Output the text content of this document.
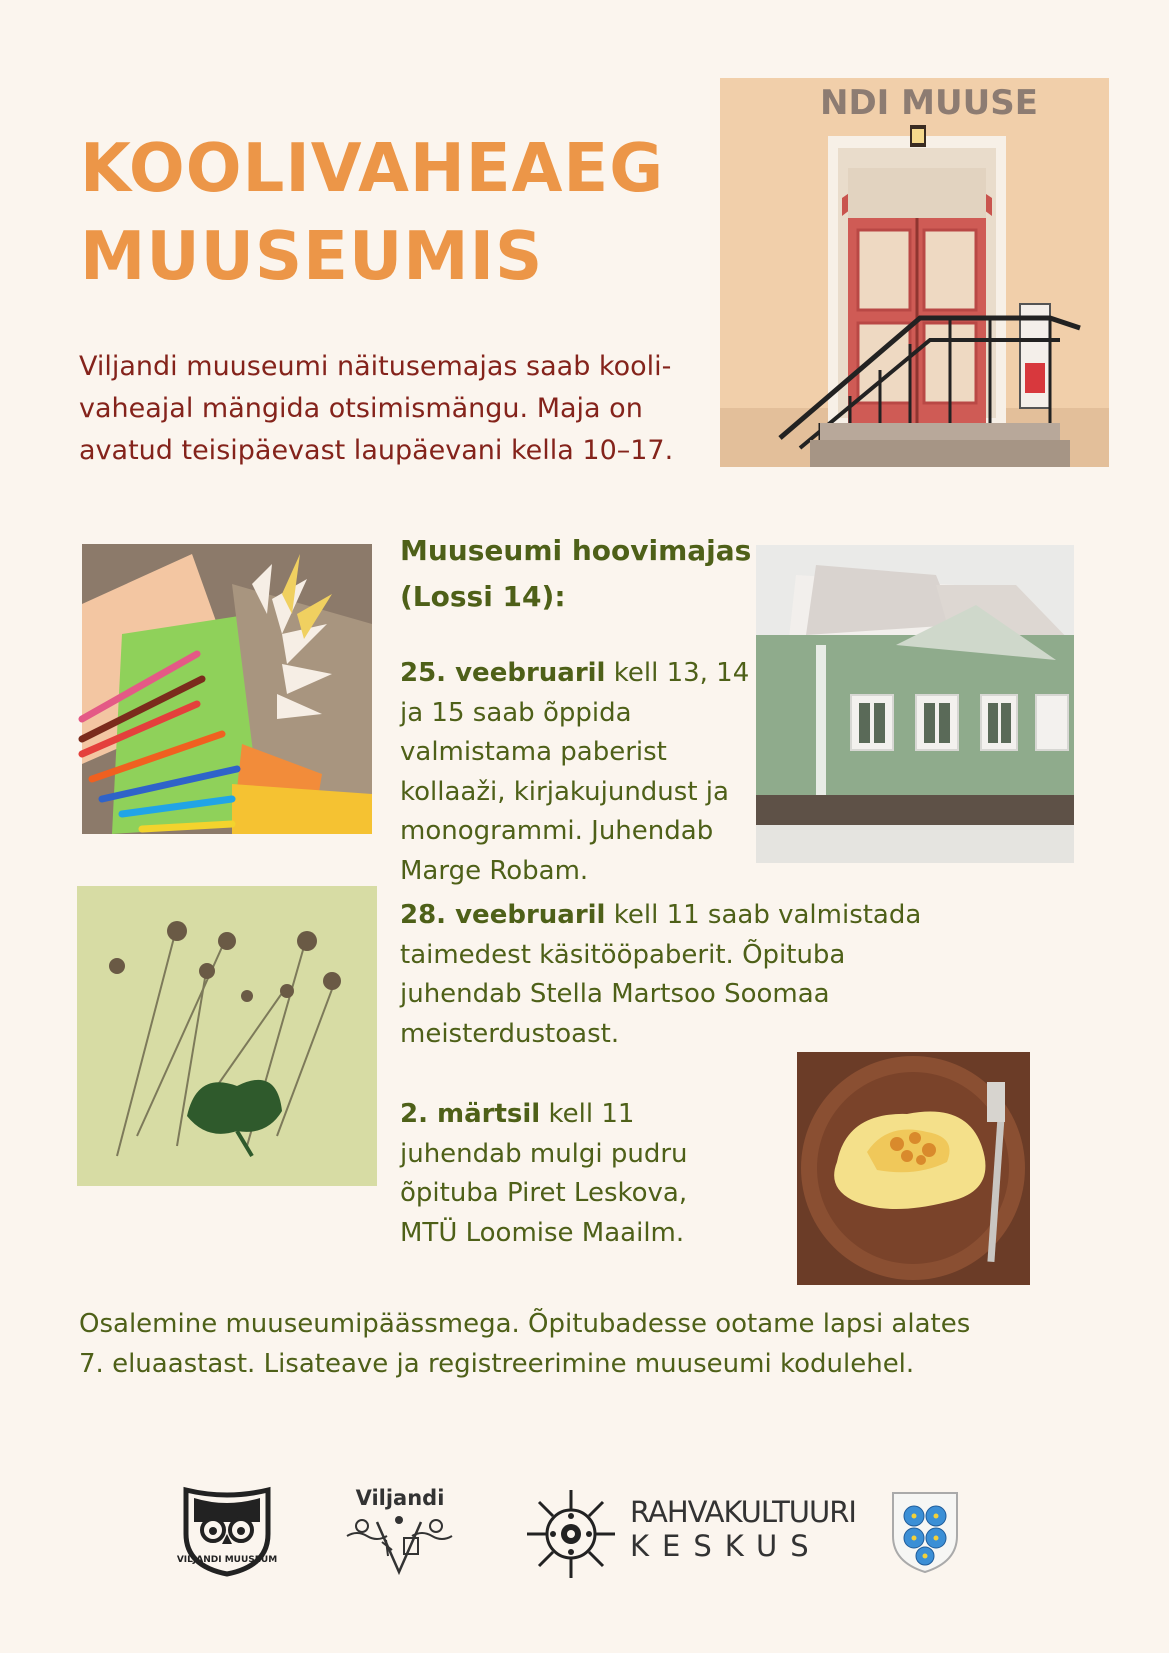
KOOLIVAHEAEG
MUUSEUMIS
Viljandi muuseumi näitusemajas saab kooli-vaheajal mängida otsimismängu. Maja on avatud teisipäevast laupäevani kella 10–17.
NDI MUUSE
Muuseumi hoovimajas (Lossi 14):
25. veebruaril kell 13, 14 ja 15 saab õppida valmistama paberist kollaaži, kirjakujundust ja monogrammi. Juhendab Marge Robam.
28. veebruaril kell 11 saab valmistada taimedest käsitööpaberit. Õpituba juhendab Stella Martsoo Soomaa meisterdustoast.
2. märtsil kell 11 juhendab mulgi pudru õpituba Piret Leskova, MTÜ Loomise Maailm.
Osalemine muuseumipäässmega. Õpitubadesse ootame lapsi alates 7. eluaastast. Lisateave ja registreerimine muuseumi kodulehel.
VILJANDI MUUSEUM
Viljandi	RAHVAKULTUURI
KESKUS
